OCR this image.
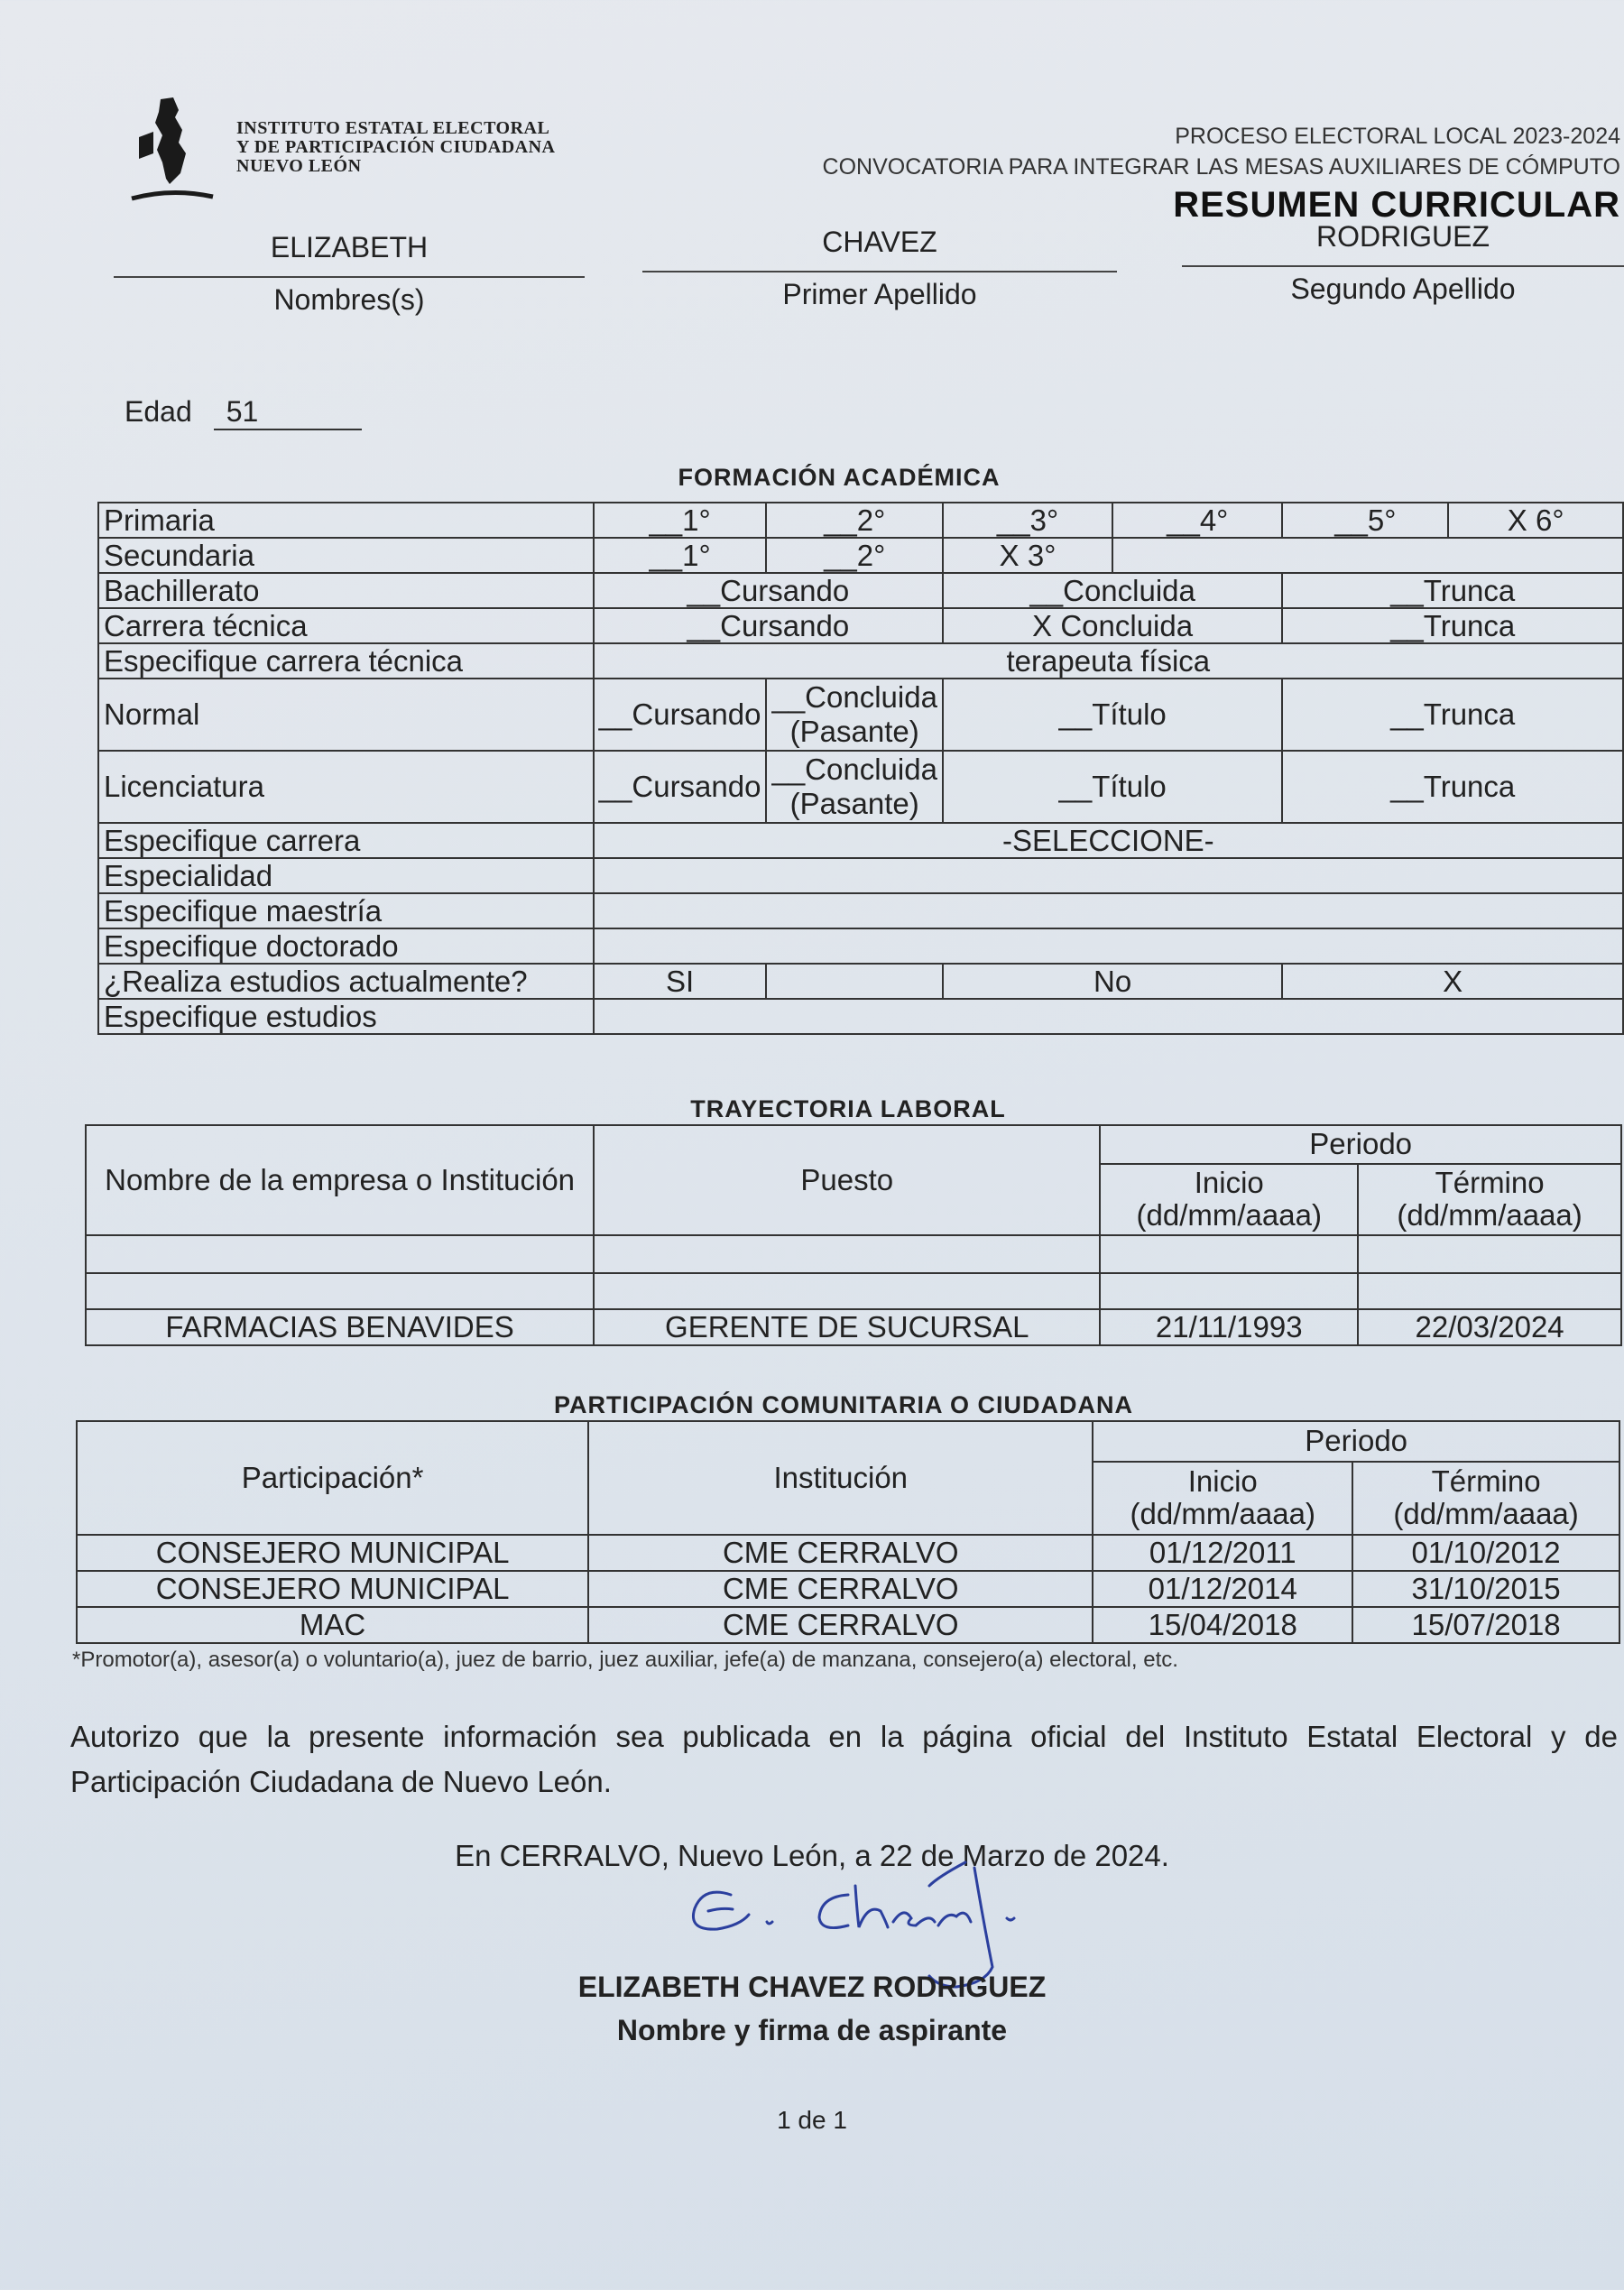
INSTITUTO ESTATAL ELECTORAL
Y DE PARTICIPACIÓN CIUDADANA
NUEVO LEÓN
PROCESO ELECTORAL LOCAL 2023-2024
CONVOCATORIA PARA INTEGRAR LAS MESAS AUXILIARES DE CÓMPUTO
RESUMEN CURRICULAR
ELIZABETH
Nombres(s)
CHAVEZ
Primer Apellido
RODRIGUEZ
Segundo Apellido
Edad 51
FORMACIÓN ACADÉMICA
Primaria	__1°	__2°	__3°	__4°	__5°	X 6°
Secundaria	__1°	__2°	X 3°			
Bachillerato	__Cursando		__Concluida		__Trunca	
Carrera técnica	__Cursando		X Concluida		__Trunca	
Especifique carrera técnica	terapeuta física					
Normal	__Cursando	__Concluida (Pasante)	__Título		__Trunca	
Licenciatura	__Cursando	__Concluida (Pasante)	__Título		__Trunca	
Especifique carrera	-SELECCIONE-					
Especialidad						
Especifique maestría						
Especifique doctorado						
¿Realiza estudios actualmente?	SI		No		X	
Especifique estudios						
TRAYECTORIA LABORAL
Nombre de la empresa o Institución	Puesto	Periodo	
		Inicio (dd/mm/aaaa)	Término (dd/mm/aaaa)

FARMACIAS BENAVIDES	GERENTE DE SUCURSAL	21/11/1993	22/03/2024
PARTICIPACIÓN COMUNITARIA O CIUDADANA
Participación*	Institución	Periodo	
		Inicio (dd/mm/aaaa)	Término (dd/mm/aaaa)
CONSEJERO MUNICIPAL	CME CERRALVO	01/12/2011	01/10/2012
CONSEJERO MUNICIPAL	CME CERRALVO	01/12/2014	31/10/2015
MAC	CME CERRALVO	15/04/2018	15/07/2018
*Promotor(a), asesor(a) o voluntario(a), juez de barrio, juez auxiliar, jefe(a) de manzana, consejero(a) electoral, etc.
Autorizo que la presente información sea publicada en la página oficial del Instituto Estatal Electoral y de Participación Ciudadana de Nuevo León.
En CERRALVO, Nuevo León, a 22 de Marzo de 2024.
ELIZABETH CHAVEZ RODRIGUEZ
Nombre y firma de aspirante
1 de 1
